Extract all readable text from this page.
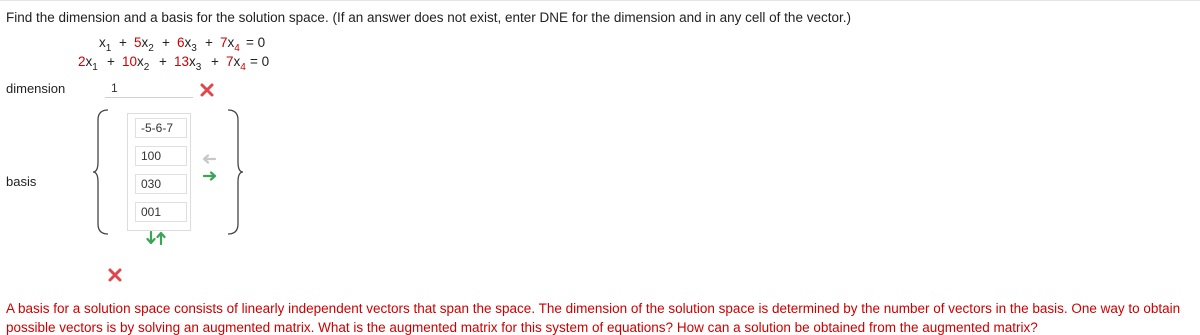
Find the dimension and a basis for the solution space. (If an answer does not exist, enter DNE for the dimension and in any cell of the vector.)
$x_1 + 5x_2 + 6x_3 + 7x_4 = 0$
$2x_1 + 10x_2 + 13x_3 + 7x_4 = 0$
dimension	1
basis
-5-6-7
100
030
001
A basis for a solution space consists of linearly independent vectors that span the space. The dimension of the solution space is determined by the number of vectors in the basis. One way to obtain possible vectors is by solving an augmented matrix. What is the augmented matrix for this system of equations? How can a solution be obtained from the augmented matrix?
